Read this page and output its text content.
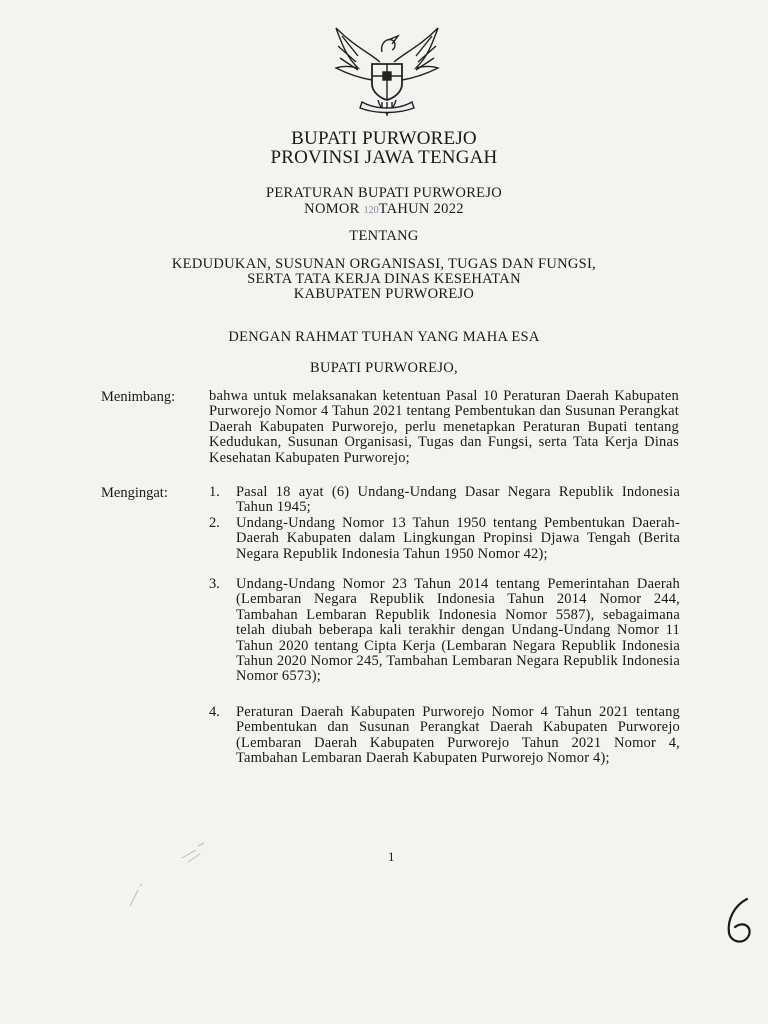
BUPATI PURWOREJO
PROVINSI JAWA TENGAH
PERATURAN BUPATI PURWOREJO
NOMOR 120TAHUN 2022
TENTANG
KEDUDUKAN, SUSUNAN ORGANISASI, TUGAS DAN FUNGSI,
SERTA TATA KERJA DINAS KESEHATAN
KABUPATEN PURWOREJO
DENGAN RAHMAT TUHAN YANG MAHA ESA
BUPATI PURWOREJO,
Menimbang: bahwa untuk melaksanakan ketentuan Pasal 10 Peraturan Daerah Kabupaten Purworejo Nomor 4 Tahun 2021 tentang Pembentukan dan Susunan Perangkat Daerah Kabupaten Purworejo, perlu menetapkan Peraturan Bupati tentang Kedudukan, Susunan Organisasi, Tugas dan Fungsi, serta Tata Kerja Dinas Kesehatan Kabupaten Purworejo;
Mengingat:	1.	Pasal 18 ayat (6) Undang-Undang Dasar Negara Republik Indonesia Tahun 1945;
2.	Undang-Undang Nomor 13 Tahun 1950 tentang Pembentukan Daerah-Daerah Kabupaten dalam Lingkungan Propinsi Djawa Tengah (Berita Negara Republik Indonesia Tahun 1950 Nomor 42);
3.	Undang-Undang Nomor 23 Tahun 2014 tentang Pemerintahan Daerah (Lembaran Negara Republik Indonesia Tahun 2014 Nomor 244, Tambahan Lembaran Republik Indonesia Nomor 5587), sebagaimana telah diubah beberapa kali terakhir dengan Undang-Undang Nomor 11 Tahun 2020 tentang Cipta Kerja (Lembaran Negara Republik Indonesia Tahun 2020 Nomor 245, Tambahan Lembaran Negara Republik Indonesia Nomor 6573);
4.	Peraturan Daerah Kabupaten Purworejo Nomor 4 Tahun 2021 tentang Pembentukan dan Susunan Perangkat Daerah Kabupaten Purworejo (Lembaran Daerah Kabupaten Purworejo Tahun 2021 Nomor 4, Tambahan Lembaran Daerah Kabupaten Purworejo Nomor 4);
1
